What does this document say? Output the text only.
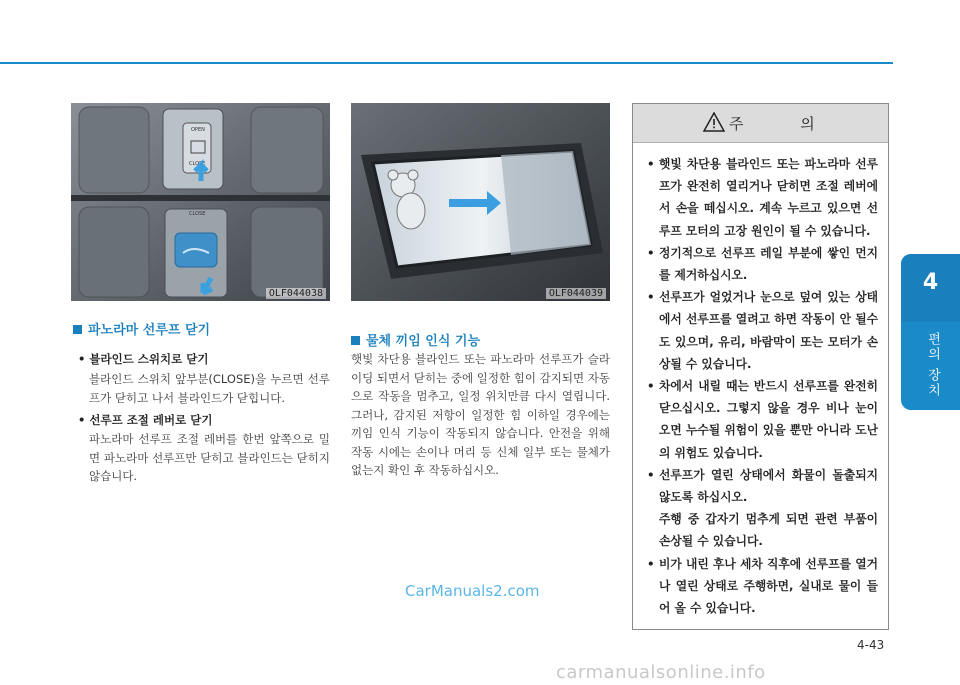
4
편의 장치
OPEN
CLOSE
CLOSE
OLF044038	OLF044039
파노라마 선루프 닫기
• 블라인드 스위치로 닫기
블라인드 스위치 앞부분(CLOSE)을 누르면 선루프가 닫히고 나서 블라인드가 닫힙니다.
• 선루프 조절 레버로 닫기
파노라마 선루프 조절 레버를 한번 앞쪽으로 밀면 파노라마 선루프만 닫히고 블라인드는 닫히지 않습니다.
물체 끼임 인식 기능
햇빛 차단용 블라인드 또는 파노라마 선루프가 슬라이딩 되면서 닫히는 중에 일정한 힘이 감지되면 자동으로 작동을 멈추고, 일정 위치만큼 다시 열립니다. 그러나, 감지된 저항이 일정한 힘 이하일 경우에는 끼임 인식 기능이 작동되지 않습니다. 안전을 위해 작동 시에는 손이나 머리 등 신체 일부 또는 물체가 없는지 확인 후 작동하십시오.
주 의
• 햇빛 차단용 블라인드 또는 파노라마 선루프가 완전히 열리거나 닫히면 조절 레버에서 손을 떼십시오. 계속 누르고 있으면 선루프 모터의 고장 원인이 될 수 있습니다.
• 정기적으로 선루프 레일 부분에 쌓인 먼지를 제거하십시오.
• 선루프가 얼었거나 눈으로 덮여 있는 상태에서 선루프를 열려고 하면 작동이 안 될수도 있으며, 유리, 바람막이 또는 모터가 손상될 수 있습니다.
• 차에서 내릴 때는 반드시 선루프를 완전히 닫으십시오. 그렇지 않을 경우 비나 눈이 오면 누수될 위험이 있을 뿐만 아니라 도난의 위험도 있습니다.
• 선루프가 열린 상태에서 화물이 돌출되지 않도록 하십시오.
주행 중 갑자기 멈추게 되면 관련 부품이 손상될 수 있습니다.
• 비가 내린 후나 세차 직후에 선루프를 열거나 열린 상태로 주행하면, 실내로 물이 들어 올 수 있습니다.
4-43
CarManuals2.com
carmanualsonline.info
